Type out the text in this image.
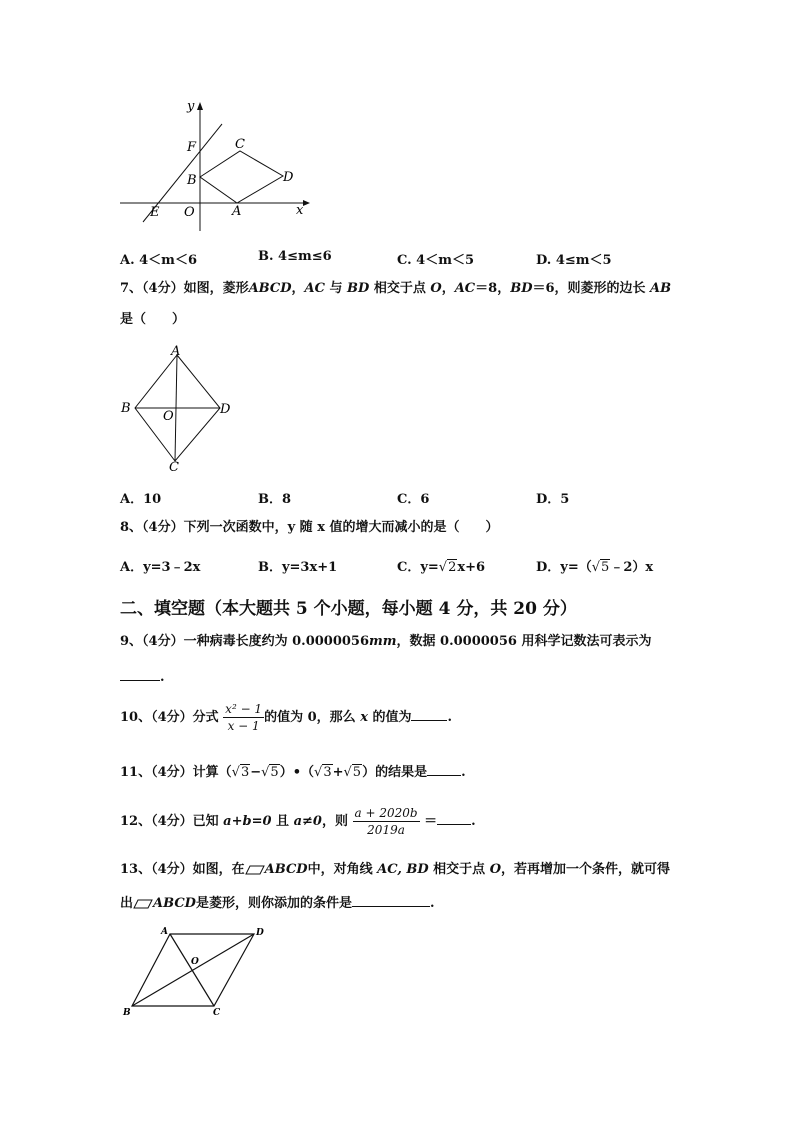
y
x
F	C
B	D
E O	A
A. 4＜m＜6	B. 4≤m≤6	C. 4＜m＜5	D. 4≤m＜5
7、（4分）如图，菱形ABCD，AC 与 BD 相交于点 O，AC＝8，BD＝6，则菱形的边长 AB
是（　　）
A
B
O	D
C
A．10	B．8	C．6	D．5
8、（4分）下列一次函数中，y 随 x 值的增大而减小的是（　　）
A．y=3﹣2x	B．y=3x+1	C．y=√2x+6	D．y=（√5﹣2）x
二、填空题（本大题共 5 个小题，每小题 4 分，共 20 分）
9、（4分）一种病毒长度约为 0.0000056mm，数据 0.0000056 用科学记数法可表示为
.
10、（4分）分式 $\frac{\text{x² − 1}}{x - 1}$ 的值为 0，那么 x 的值为	.
11、（4分）计算（√3−√5）•（√3+√5）的结果是	.
12、（4分）已知 a+b=0 且 a≠0，则 $\frac{a + 2020b}{2019a}$ ＝	.
13、（4分）如图，在 ABCD中，对角线 AC, BD 相交于点 O，若再增加一个条件，就可得
出 ABCD是菱形，则你添加的条件是	.
A	D
O
B	C
